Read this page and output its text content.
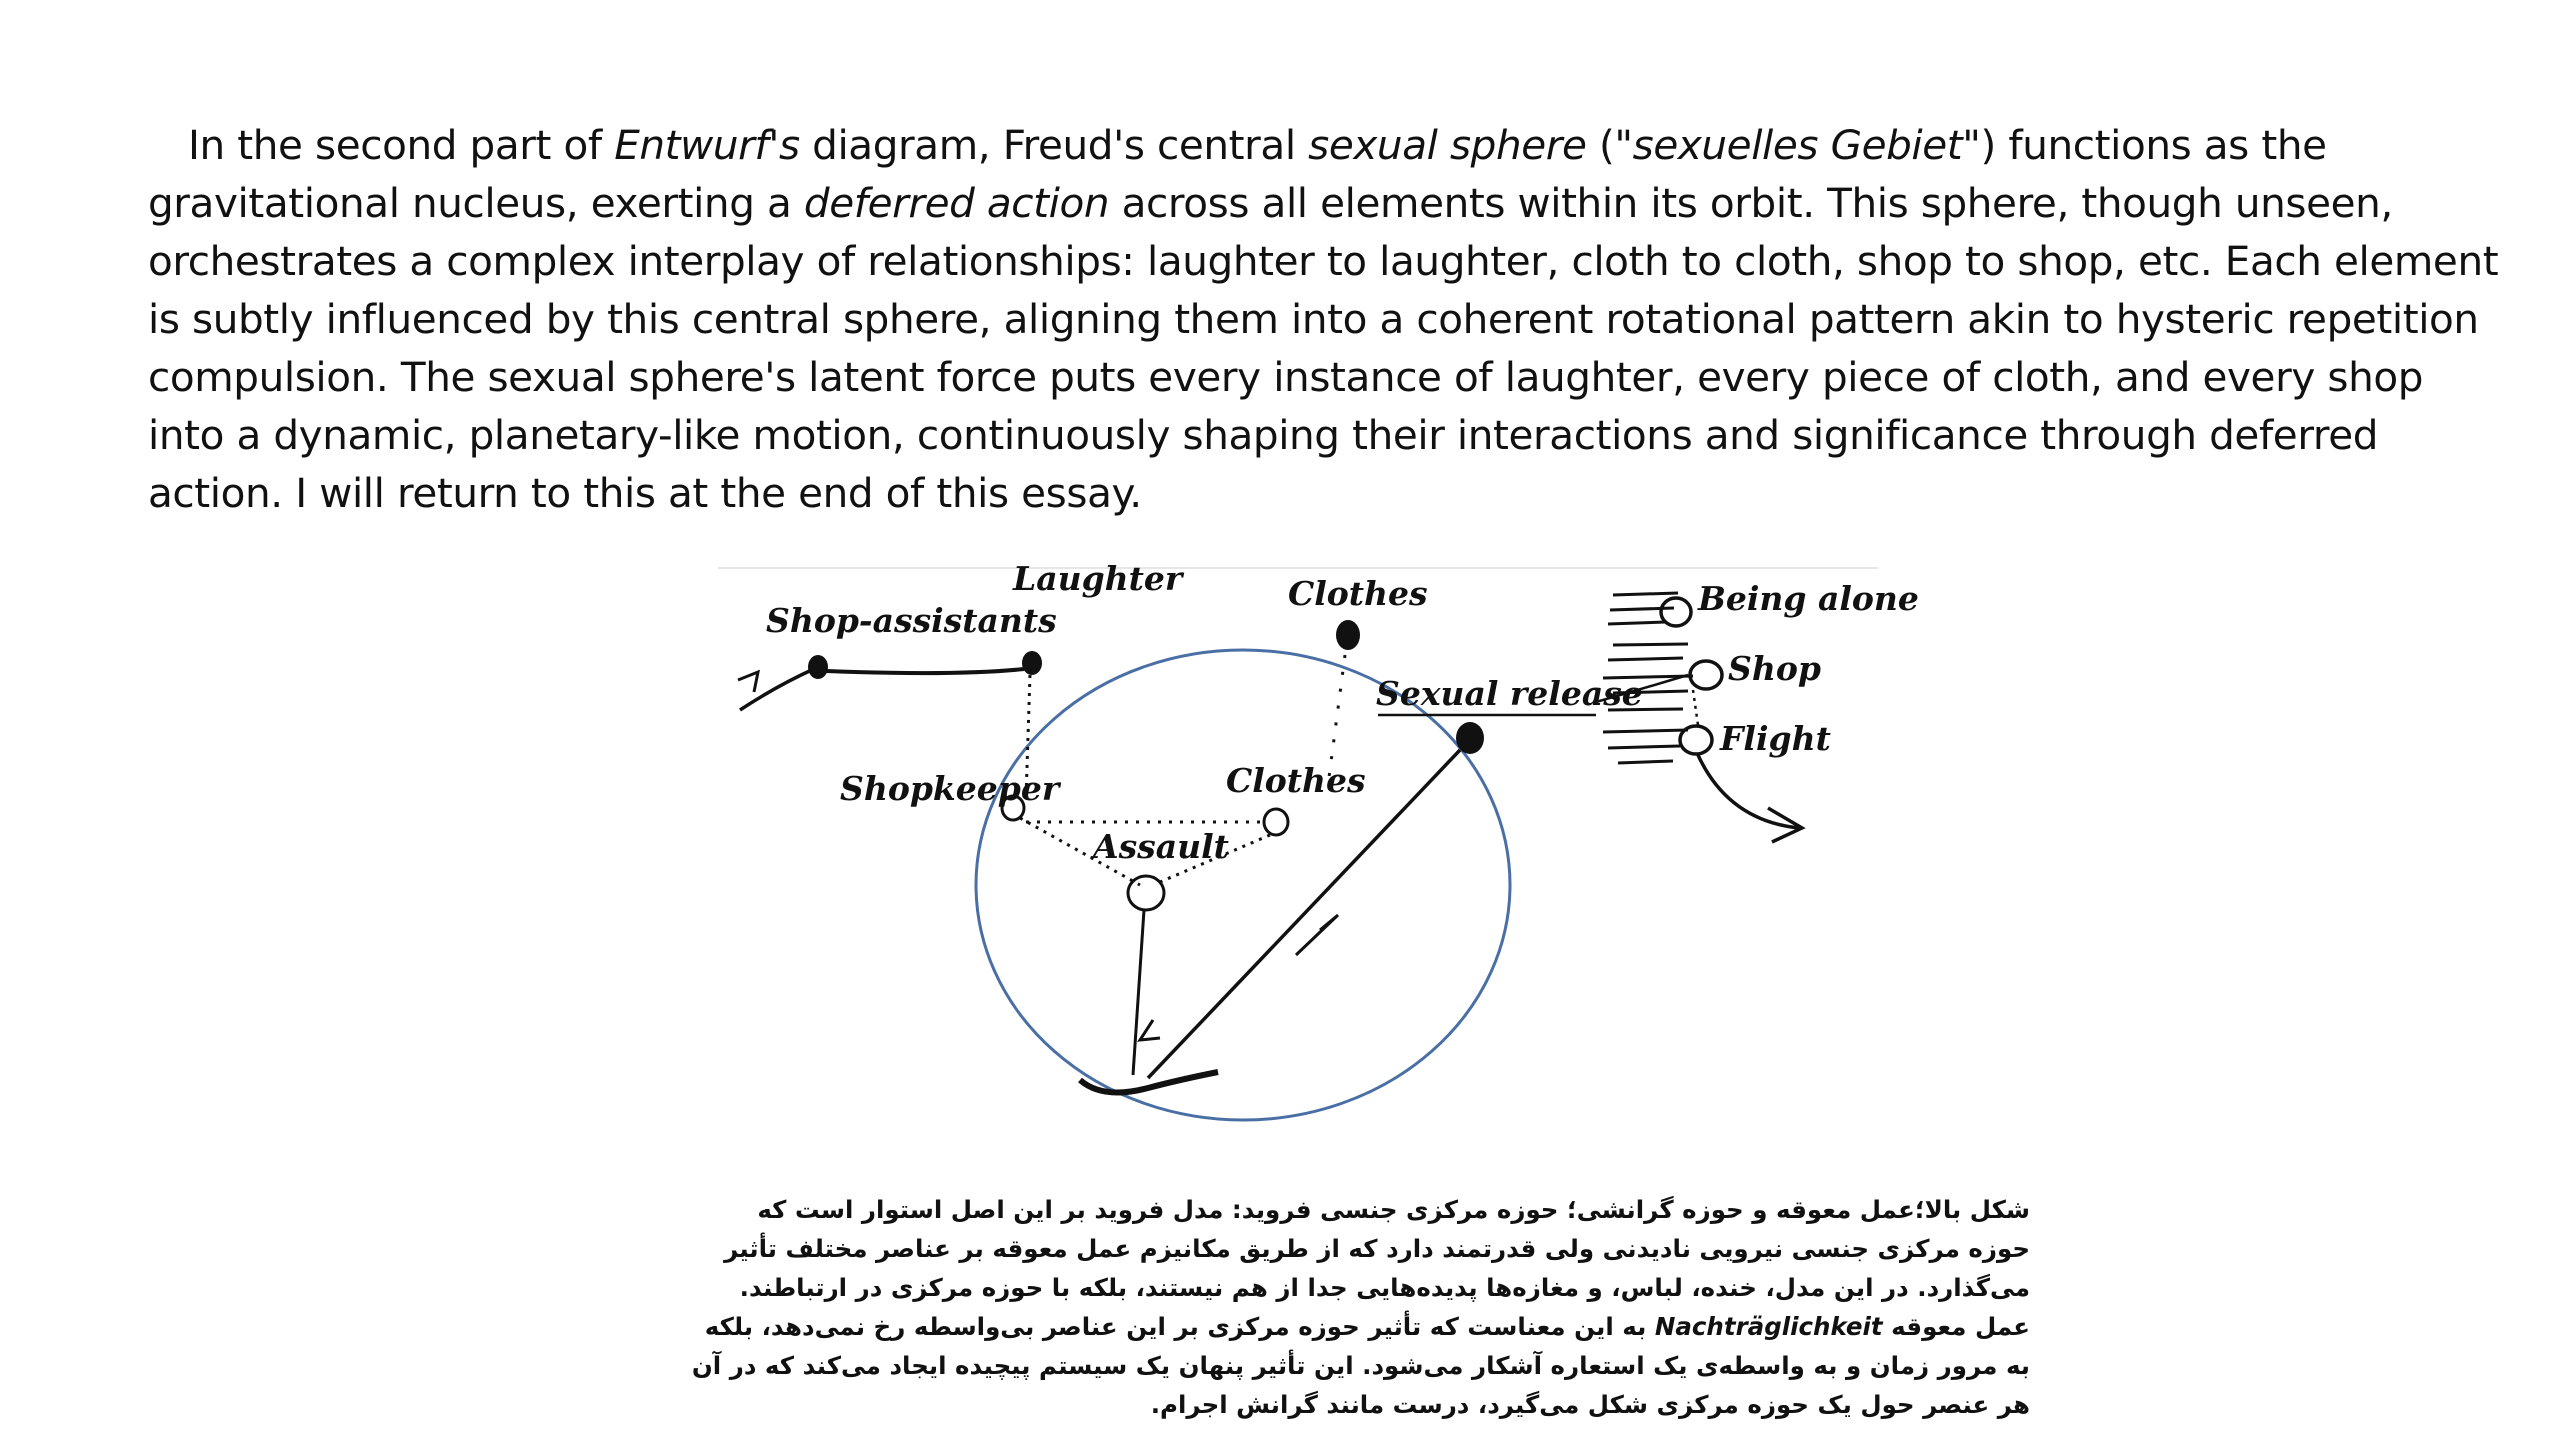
In the second part of Entwurf's diagram, Freud's central sexual sphere ("sexuelles Gebiet") functions as the gravitational nucleus, exerting a deferred action across all elements within its orbit. This sphere, though unseen, orchestrates a complex interplay of relationships: laughter to laughter, cloth to cloth, shop to shop, etc. Each element is subtly influenced by this central sphere, aligning them into a coherent rotational pattern akin to hysteric repetition compulsion. The sexual sphere's latent force puts every instance of laughter, every piece of cloth, and every shop into a dynamic, planetary-like motion, continuously shaping their interactions and significance through deferred action. I will return to this at the end of this essay.
Laughter
Shop-assistants
Clothes	Being alone
Shop
Flight
Sexual release
Shopkeeper	Clothes
Assault
شکل بالا؛عمل معوقه و حوزه گرانشی؛ حوزه مرکزی جنسی فروید: مدل فروید بر این اصل استوار است که حوزه مرکزی جنسی نیرویی نادیدنی ولی قدرتمند دارد که از طریق مکانیزم عمل معوقه بر عناصر مختلف تأثیر می‌گذارد. در این مدل، خنده، لباس، و مغازه‌ها پدیده‌هایی جدا از هم نیستند، بلکه با حوزه مرکزی در ارتباطند. عمل معوقه Nachträglichkeit به این معناست که تأثیر حوزه مرکزی بر این عناصر بی‌واسطه رخ نمی‌دهد، بلکه به مرور زمان و به واسطه‌ی یک استعاره آشکار می‌شود. این تأثیر پنهان یک سیستم پیچیده ایجاد می‌کند که در آن هر عنصر حول یک حوزه مرکزی شکل می‌گیرد، درست مانند گرانش اجرام.
